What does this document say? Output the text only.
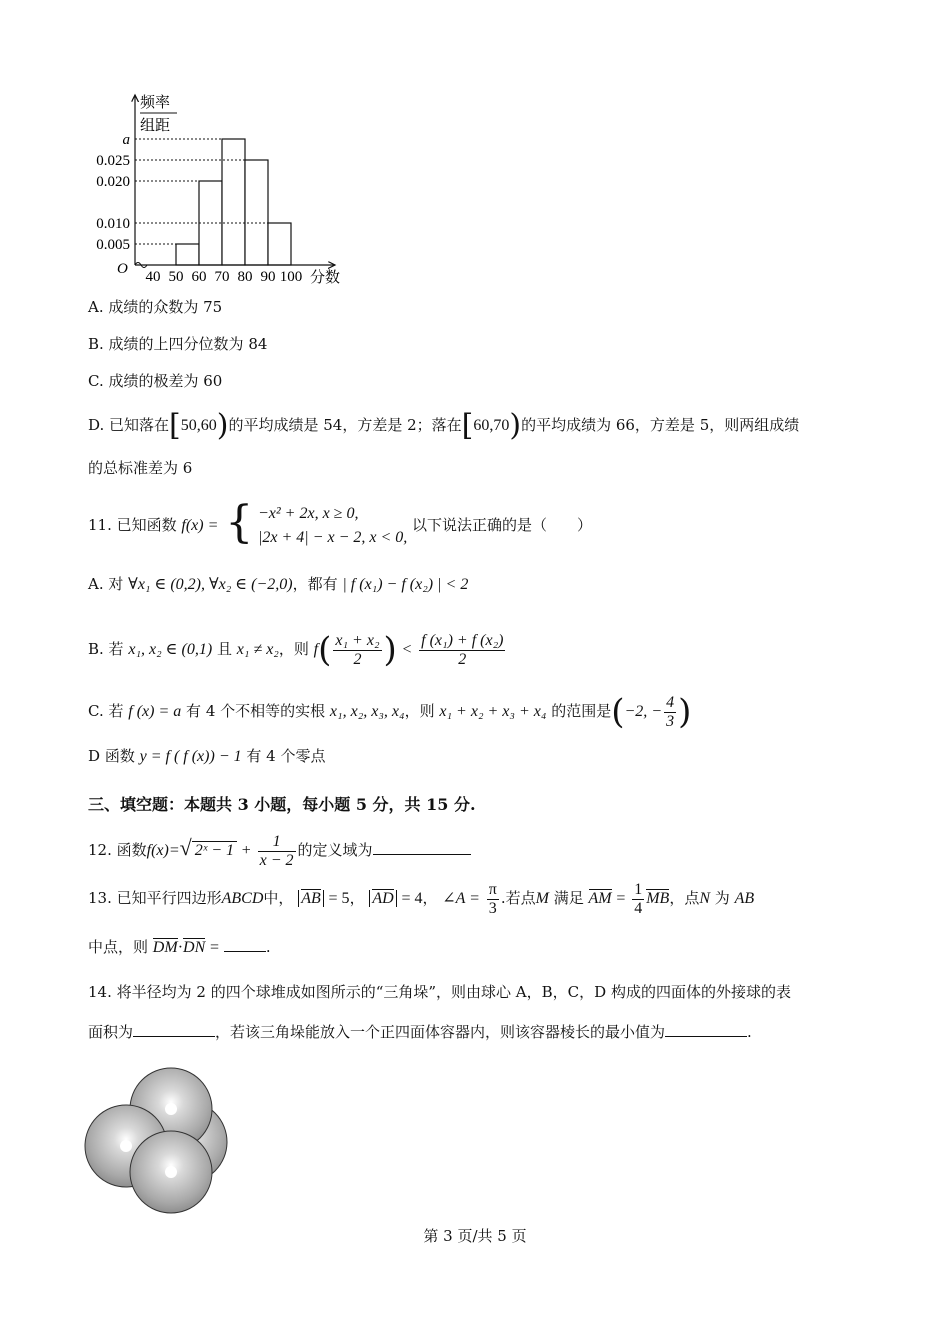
0.005
0.010
0.020
0.025
a
40 50 60 70 80 90 100
频率
组距
O	分数
A. 成绩的众数为 75
B. 成绩的上四分位数为 84
C. 成绩的极差为 60
D. 已知落在[50,60)的平均成绩是 54，方差是 2；落在[60,70)的平均成绩为 66，方差是 5，则两组成绩
的总标准差为 6
11. 已知函数 f(x) = { −x² + 2x, x ≥ 0,
|2x + 4| − x − 2, x < 0,
以下说法正确的是（　　）
A. 对 ∀x₁ ∈ (0,2), ∀x₂ ∈ (−2,0)，都有 | f (x₁) − f (x₂) | < 2
B. 若 x₁, x₂ ∈ (0,1) 且 x₁ ≠ x₂，则 $f( \frac{\text{x₁ + x₂}}{2}$ ) < $\frac{\text{f (x₁) + f (x₂)}}{2}$
C. 若 f (x) = a 有 4 个不相等的实根 x₁, x₂, x₃, x₄，则 x₁ + x₂ + x₃ + x₄ 的范围是(−2, − $\frac{4}{3}$ )
D 函数 y = f ( f (x)) − 1 有 4 个零点
三、填空题：本题共 3 小题，每小题 5 分，共 15 分.
12. 函数f(x)=√ 2ˣ − $1 + \frac{1}{x - 2}$ 的定义域为
13. 已知平行四边形ABCD中， AB = 5， AD = 4， ∠A = $\frac{\pi}{3}$ .若点M 满足 AM = $\frac{1}{4}$ MB，点N 为 AB
中点，则 DM·DN =	.
14. 将半径均为 2 的四个球堆成如图所示的“三角垛”，则由球心 A，B，C，D 构成的四面体的外接球的表
面积为	，若该三角垛能放入一个正四面体容器内，则该容器棱长的最小值为	.
第 3 页/共 5 页
